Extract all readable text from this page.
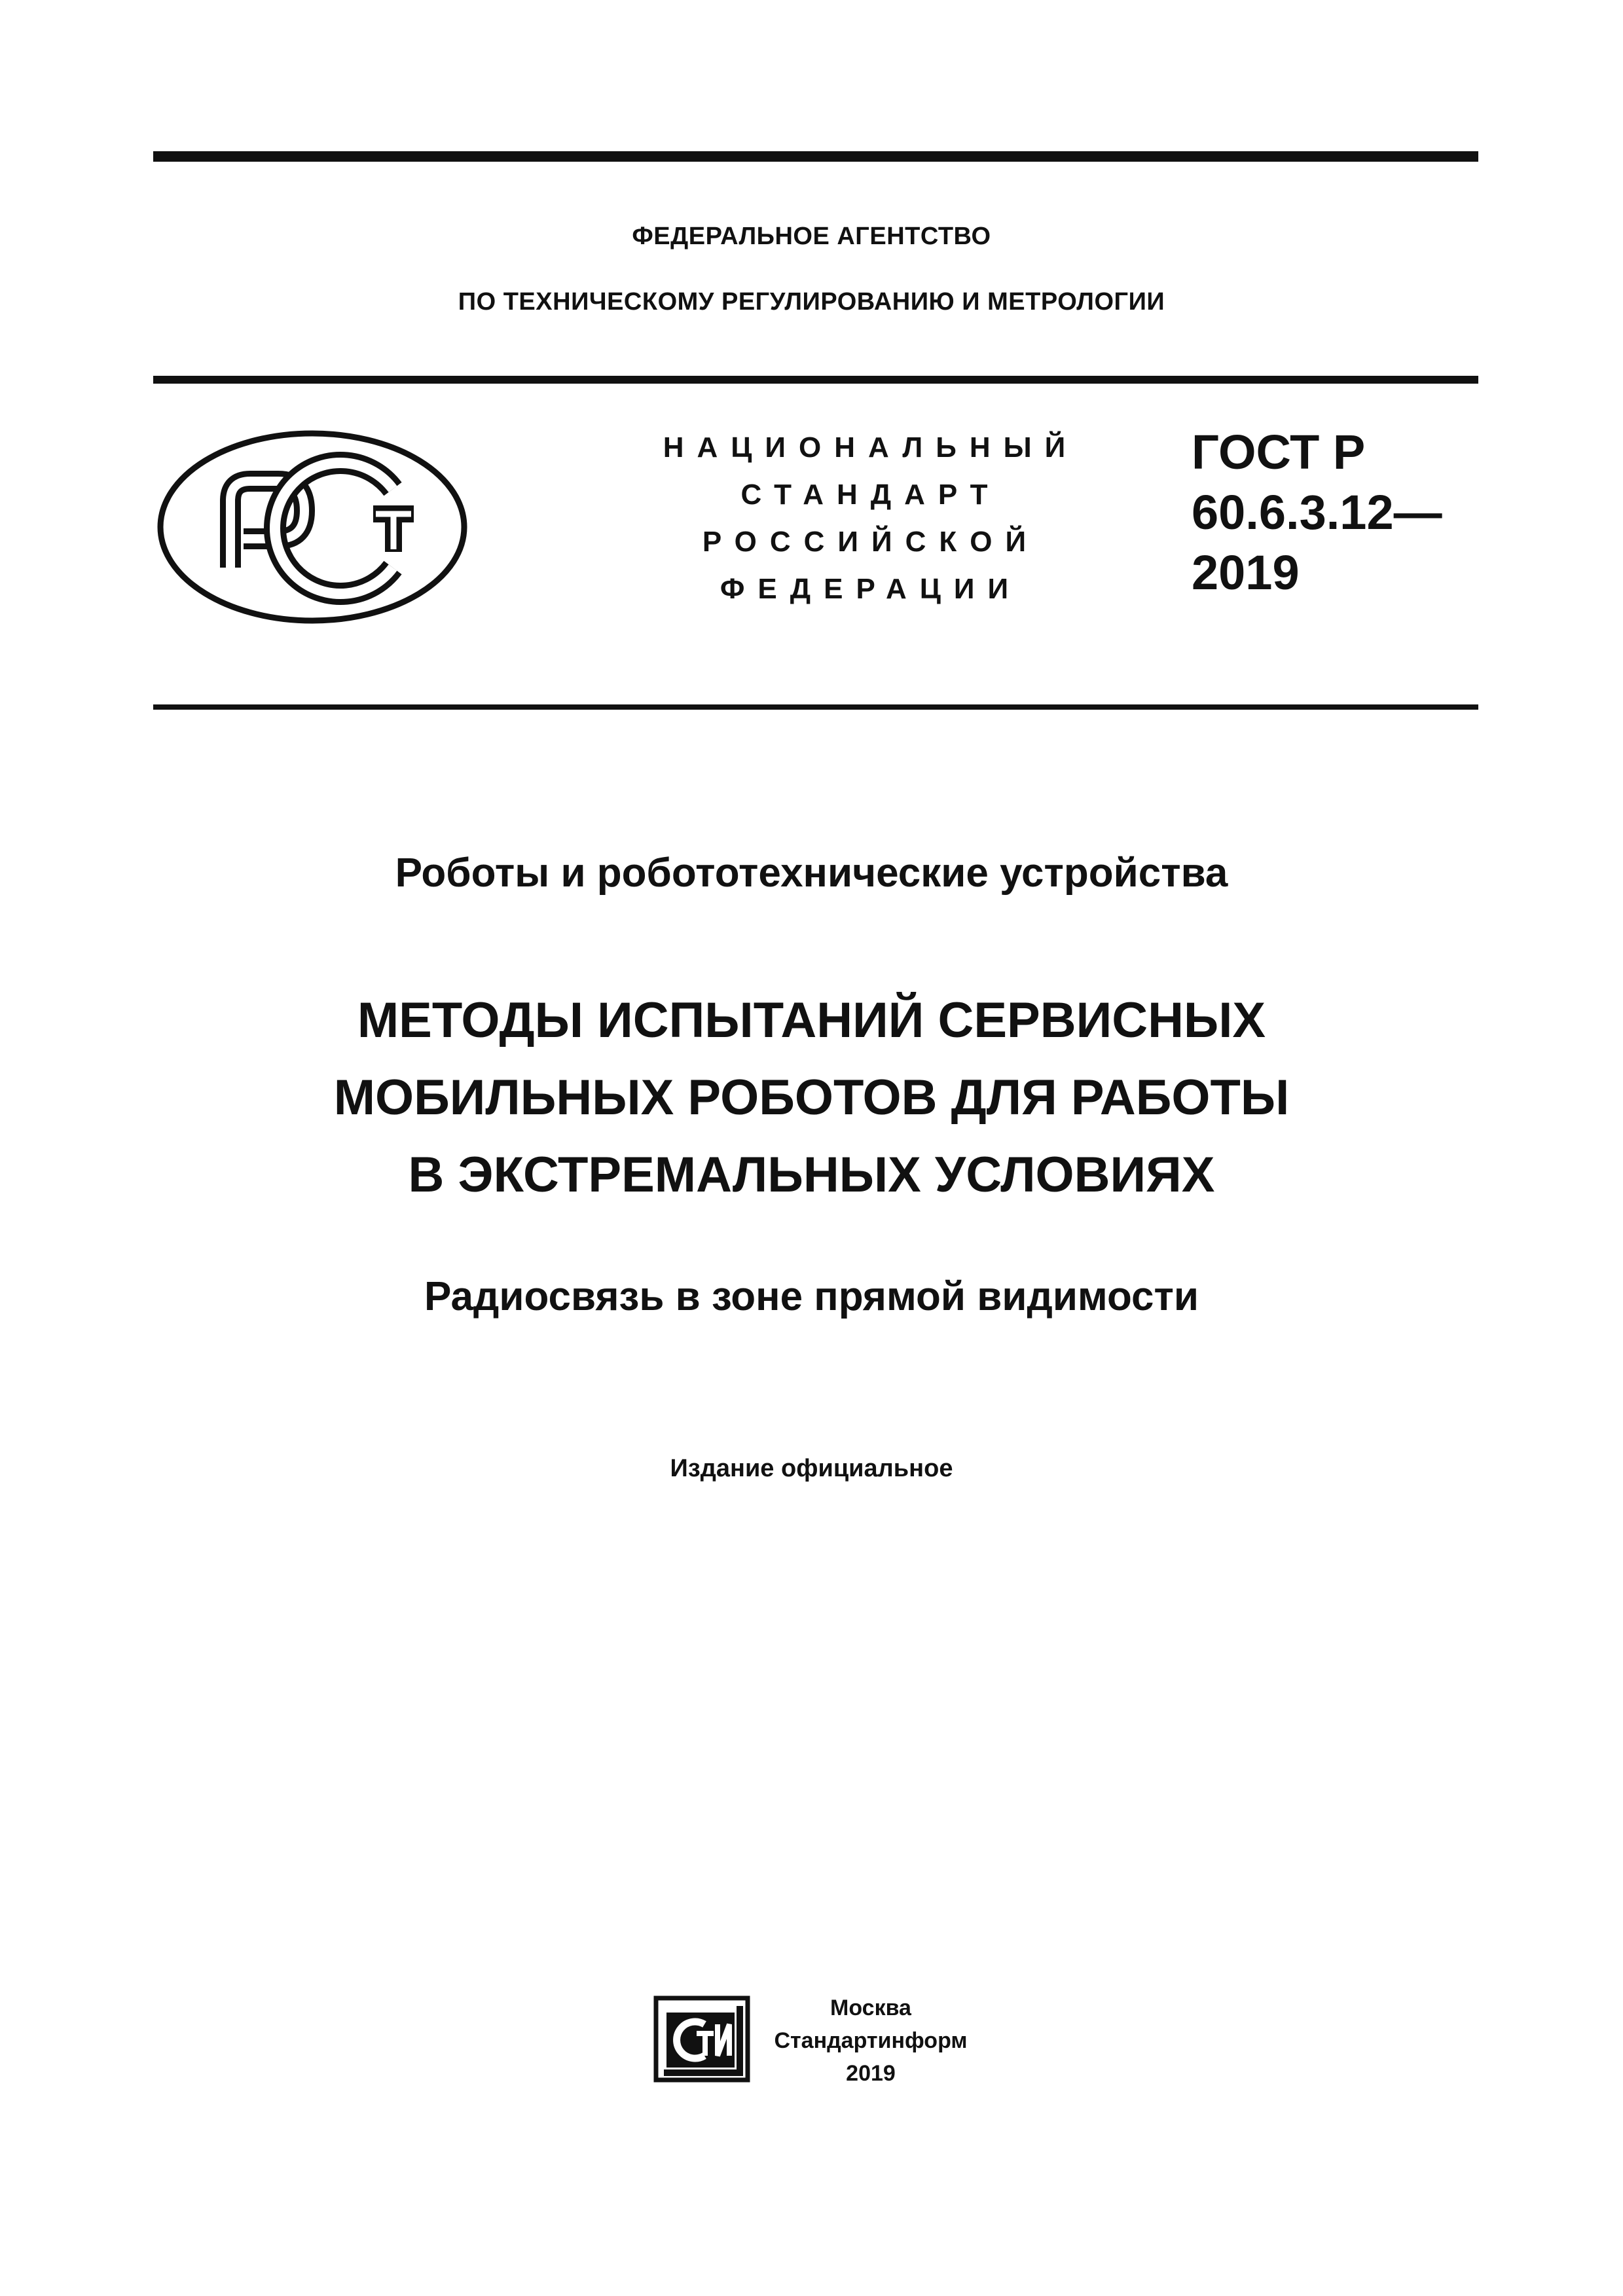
ФЕДЕРАЛЬНОЕ АГЕНТСТВО
ПО ТЕХНИЧЕСКОМУ РЕГУЛИРОВАНИЮ И МЕТРОЛОГИИ
НАЦИОНАЛЬНЫЙ
СТАНДАРТ
РОССИЙСКОЙ
ФЕДЕРАЦИИ
ГОСТ Р
60.6.3.12—
2019
Роботы и робототехнические устройства
МЕТОДЫ ИСПЫТАНИЙ СЕРВИСНЫХ
МОБИЛЬНЫХ РОБОТОВ ДЛЯ РАБОТЫ
В ЭКСТРЕМАЛЬНЫХ УСЛОВИЯХ
Радиосвязь в зоне прямой видимости
Издание официальное
Москва
Стандартинформ
2019
